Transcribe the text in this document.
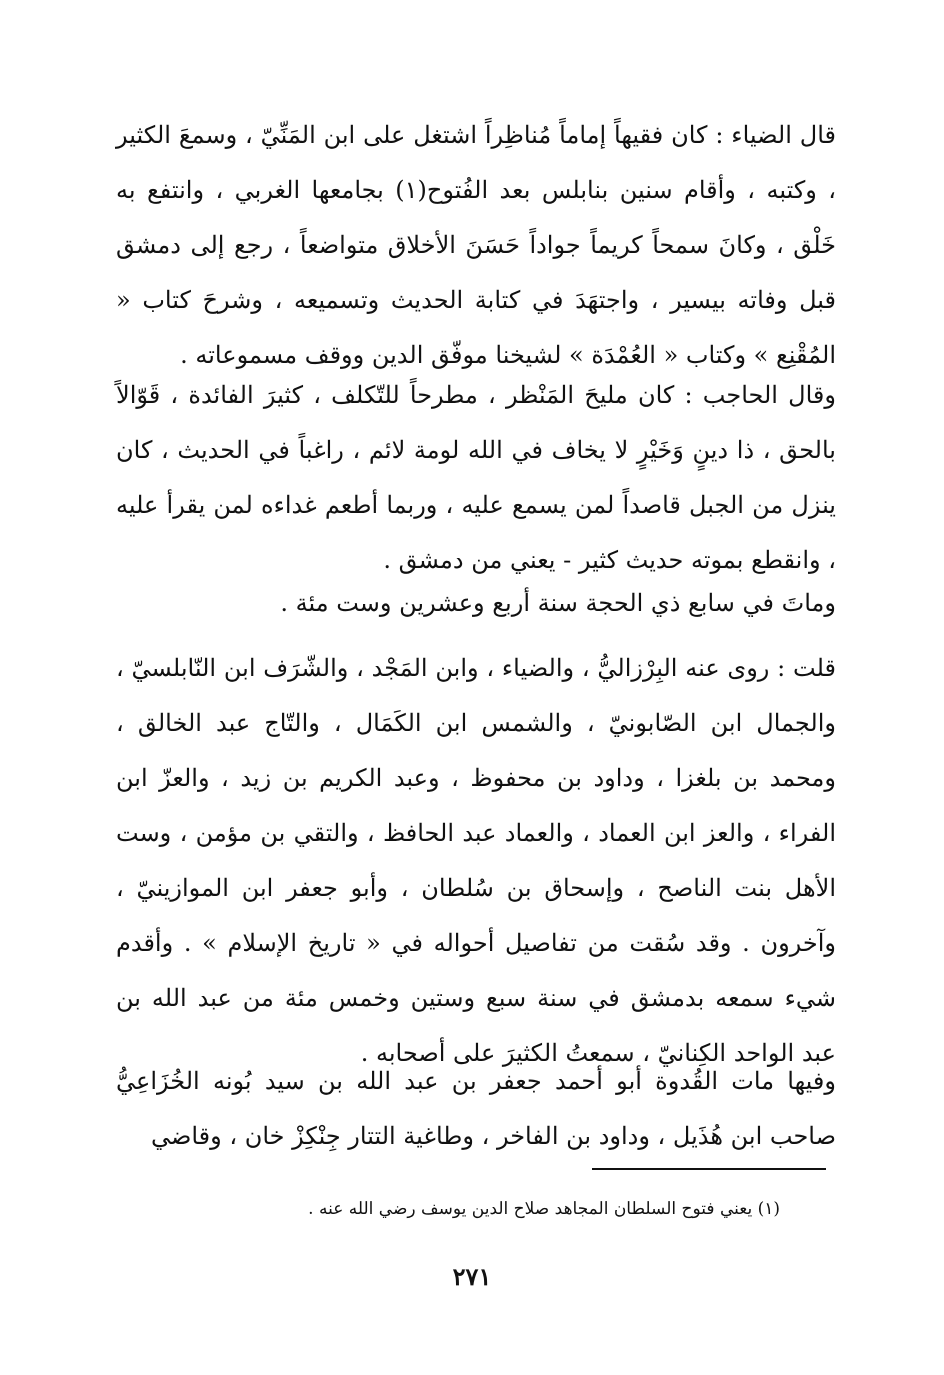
قال الضياء : كان فقيهاً إماماً مُناظِراً اشتغل على ابن المَنِّيّ ، وسمعَ الكثير ، وكتبه ، وأقام سنين بنابلس بعد الفُتوح(١) بجامعها الغربي ، وانتفع به خَلْق ، وكانَ سمحاً كريماً جواداً حَسَنَ الأخلاق متواضعاً ، رجع إلى دمشق قبل وفاته بيسير ، واجتهَدَ في كتابة الحديث وتسميعه ، وشرحَ كتاب « المُقْنِع » وكتاب « العُمْدَة » لشيخنا موفّق الدين ووقف مسموعاته .

وقال الحاجب : كان مليحَ المَنْظر ، مطرحاً للتّكلف ، كثيرَ الفائدة ، قَوّالاً بالحق ، ذا دينٍ وَخَيْرٍ لا يخاف في الله لومة لائم ، راغباً في الحديث ، كان ينزل من الجبل قاصداً لمن يسمع عليه ، وربما أطعم غداءه لمن يقرأ عليه ، وانقطع بموته حديث كثير - يعني من دمشق .

وماتَ في سابع ذي الحجة سنة أربع وعشرين وست مئة .

قلت : روى عنه البِرْزاليُّ ، والضياء ، وابن المَجْد ، والشّرَف ابن النّابلسيّ ، والجمال ابن الصّابونيّ ، والشمس ابن الكَمَال ، والتّاج عبد الخالق ، ومحمد بن بلغزا ، وداود بن محفوظ ، وعبد الكريم بن زيد ، والعزّ ابن الفراء ، والعز ابن العماد ، والعماد عبد الحافظ ، والتقي بن مؤمن ، وست الأهل بنت الناصح ، وإسحاق بن سُلطان ، وأبو جعفر ابن الموازينيّ ، وآخرون . وقد سُقت من تفاصيل أحواله في « تاريخ الإسلام » . وأقدم شيء سمعه بدمشق في سنة سبع وستين وخمس مئة من عبد الله بن عبد الواحد الكِنانيّ ، سمعتُ الكثيرَ على أصحابه .

وفيها مات القُدوة أبو أحمد جعفر بن عبد الله بن سيد بُونه الخُزَاعِيُّ صاحب ابن هُذَيل ، وداود بن الفاخر ، وطاغية التتار جِنْكِزْ خان ، وقاضي

(١) يعني فتوح السلطان المجاهد صلاح الدين يوسف رضي الله عنه .

٢٧١
